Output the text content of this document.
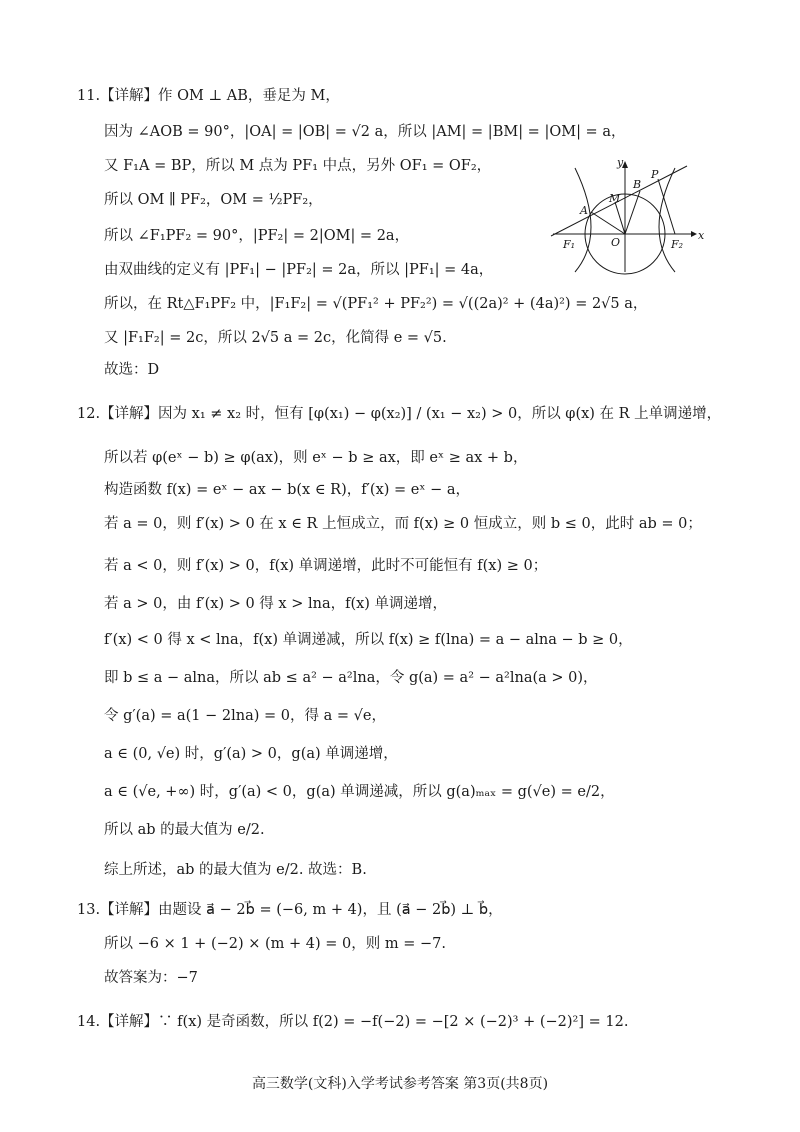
11.【详解】作 OM ⊥ AB，垂足为 M，
因为 ∠AOB = 90°，|OA| = |OB| = √2 a，所以 |AM| = |BM| = |OM| = a，
又 F₁A = BP，所以 M 点为 PF₁ 中点，另外 OF₁ = OF₂，
所以 OM ∥ PF₂，OM = ½PF₂，
所以 ∠F₁PF₂ = 90°，|PF₂| = 2|OM| = 2a，
由双曲线的定义有 |PF₁| − |PF₂| = 2a，所以 |PF₁| = 4a，
所以，在 Rt△F₁PF₂ 中，|F₁F₂| = √(PF₁² + PF₂²) = √((2a)² + (4a)²) = 2√5 a，
又 |F₁F₂| = 2c，所以 2√5 a = 2c，化简得 e = √5.
故选：D
x
y
O
F₁	F₂
A
B
M
P
12.【详解】因为 x₁ ≠ x₂ 时，恒有 [φ(x₁) − φ(x₂)] / (x₁ − x₂) > 0，所以 φ(x) 在 R 上单调递增，
所以若 φ(eˣ − b) ≥ φ(ax)，则 eˣ − b ≥ ax，即 eˣ ≥ ax + b，
构造函数 f(x) = eˣ − ax − b(x ∈ R)，f′(x) = eˣ − a，
若 a = 0，则 f′(x) > 0 在 x ∈ R 上恒成立，而 f(x) ≥ 0 恒成立，则 b ≤ 0，此时 ab = 0；
若 a < 0，则 f′(x) > 0，f(x) 单调递增，此时不可能恒有 f(x) ≥ 0；
若 a > 0，由 f′(x) > 0 得 x > lna，f(x) 单调递增，
f′(x) < 0 得 x < lna，f(x) 单调递减，所以 f(x) ≥ f(lna) = a − alna − b ≥ 0，
即 b ≤ a − alna，所以 ab ≤ a² − a²lna，令 g(a) = a² − a²lna(a > 0)，
令 g′(a) = a(1 − 2lna) = 0，得 a = √e，
a ∈ (0, √e) 时，g′(a) > 0，g(a) 单调递增，
a ∈ (√e, +∞) 时，g′(a) < 0，g(a) 单调递减，所以 g(a)ₘₐₓ = g(√e) = e/2，
所以 ab 的最大值为 e/2.
综上所述，ab 的最大值为 e/2. 故选：B.
13.【详解】由题设 a⃗ − 2b⃗ = (−6, m + 4)，且 (a⃗ − 2b⃗) ⊥ b⃗，
所以 −6 × 1 + (−2) × (m + 4) = 0，则 m = −7.
故答案为：−7
14.【详解】∵ f(x) 是奇函数，所以 f(2) = −f(−2) = −[2 × (−2)³ + (−2)²] = 12.
高三数学(文科)入学考试参考答案 第3页(共8页)
